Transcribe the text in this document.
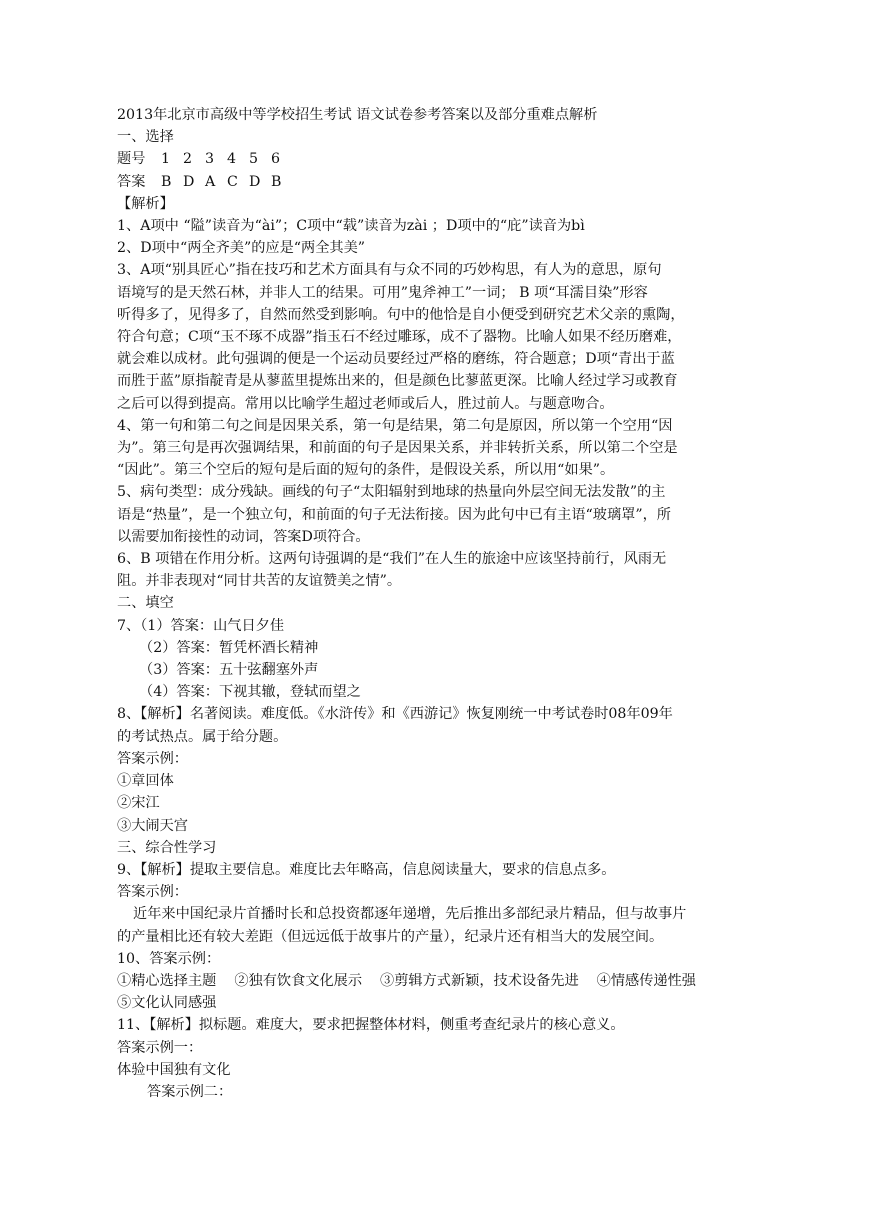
2013年北京市高级中等学校招生考试 语文试卷参考答案以及部分重难点解析
一、选择
题号 1 2 3 4 5 6
答案 B D A C D B
【解析】
1、A项中 “隘”读音为“ài”；C项中“载”读音为zài ；D项中的“庇”读音为bì
2、D项中“两全齐美”的应是“两全其美”
3、A项“别具匠心”指在技巧和艺术方面具有与众不同的巧妙构思，有人为的意思，原句
语境写的是天然石林，并非人工的结果。可用”鬼斧神工”一词； B 项“耳濡目染”形容
听得多了，见得多了，自然而然受到影响。句中的他恰是自小便受到研究艺术父亲的熏陶，
符合句意；C项“玉不琢不成器”指玉石不经过雕琢，成不了器物。比喻人如果不经历磨难，
就会难以成材。此句强调的便是一个运动员要经过严格的磨练，符合题意；D项“青出于蓝
而胜于蓝”原指靛青是从蓼蓝里提炼出来的，但是颜色比蓼蓝更深。比喻人经过学习或教育
之后可以得到提高。常用以比喻学生超过老师或后人，胜过前人。与题意吻合。
4、第一句和第二句之间是因果关系，第一句是结果，第二句是原因，所以第一个空用“因
为”。第三句是再次强调结果，和前面的句子是因果关系，并非转折关系，所以第二个空是
“因此”。第三个空后的短句是后面的短句的条件，是假设关系，所以用“如果”。
5、病句类型：成分残缺。画线的句子“太阳辐射到地球的热量向外层空间无法发散”的主
语是“热量”，是一个独立句，和前面的句子无法衔接。因为此句中已有主语“玻璃罩”，所
以需要加衔接性的动词，答案D项符合。
6、B 项错在作用分析。这两句诗强调的是“我们”在人生的旅途中应该坚持前行，风雨无
阻。并非表现对“同甘共苦的友谊赞美之情”。
二、填空
7、（1）答案：山气日夕佳
（2）答案：暂凭杯酒长精神
（3）答案：五十弦翻塞外声
（4）答案：下视其辙，登轼而望之
8、【解析】名著阅读。难度低。《水浒传》和《西游记》恢复刚统一中考试卷时08年09年
的考试热点。属于给分题。
答案示例：
①章回体
②宋江
③大闹天宫
三、综合性学习
9、【解析】提取主要信息。难度比去年略高，信息阅读量大，要求的信息点多。
答案示例：
近年来中国纪录片首播时长和总投资都逐年递增，先后推出多部纪录片精品，但与故事片
的产量相比还有较大差距（但远远低于故事片的产量），纪录片还有相当大的发展空间。
10、答案示例：
①精心选择主题 ②独有饮食文化展示 ③剪辑方式新颖，技术设备先进 ④情感传递性强
⑤文化认同感强
11、【解析】拟标题。难度大，要求把握整体材料，侧重考查纪录片的核心意义。
答案示例一：
体验中国独有文化
答案示例二：
